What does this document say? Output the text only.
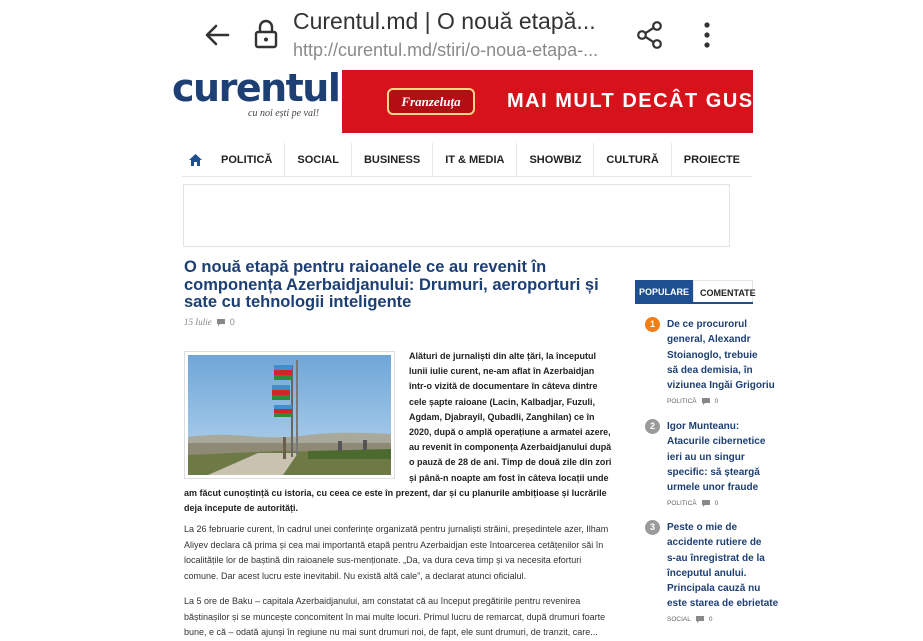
Curentul.md | O nouă etapă...
http://curentul.md/stiri/o-noua-etapa-...
curentul
cu noi ești pe val!
Franzeluța	MAI MULT DECÂT GUST!
POLITICĂ	SOCIAL	BUSINESS	IT & MEDIA	SHOWBIZ	CULTURĂ	PROIECTE
O nouă etapă pentru raioanele ce au revenit în componența Azerbaidjanului: Drumuri, aeroporturi și sate cu tehnologii inteligente
15 Iulie 0
Alături de jurnaliști din alte țări, la începutul lunii iulie curent, ne-am aflat în Azerbaidjan într-o vizită de documentare în câteva dintre cele șapte raioane (Lacin, Kalbadjar, Fuzuli, Agdam, Djabrayil, Qubadli, Zanghilan) ce în 2020, după o amplă operațiune a armatei azere, au revenit în componența Azerbaidjanului după o pauză de 28 de ani. Timp de două zile din zori și până-n noapte am fost în câteva locații unde am făcut cunoștință cu istoria, cu ceea ce este în prezent, dar și cu planurile ambițioase și lucrările deja începute de autorități.

La 26 februarie curent, în cadrul unei conferințe organizată pentru jurnaliști străini, președintele azer, Ilham Aliyev declara că prima și cea mai importantă etapă pentru Azerbaidjan este întoarcerea cetățenilor săi în localitățile lor de baștină din raioanele sus-menționate. „Da, va dura ceva timp și va necesita eforturi comune. Dar acest lucru este inevitabil. Nu există altă cale”, a declarat atunci oficialul.

La 5 ore de Baku – capitala Azerbaidjanului, am constatat că au început pregătirile pentru revenirea băștinașilor și se muncește concomitent în mai multe locuri. Primul lucru de remarcat, după drumuri foarte bune, e că – odată ajunși în regiune nu mai sunt drumuri noi, de fapt, ele sunt drumuri, de tranzit, care...

POPULARE	COMENTATE
1	De ce procurorul
general, Alexandr
Stoianoglo, trebuie
să dea demisia, în
viziunea Ingăi Grigoriu
POLITICĂ	0
2	Igor Munteanu:
Atacurile cibernetice
ieri au un singur
specific: să șteargă
urmele unor fraude
POLITICĂ	0
3	Peste o mie de
accidente rutiere de
s-au înregistrat de la
începutul anului.
Principala cauză nu
este starea de ebrietate
SOCIAL	0
